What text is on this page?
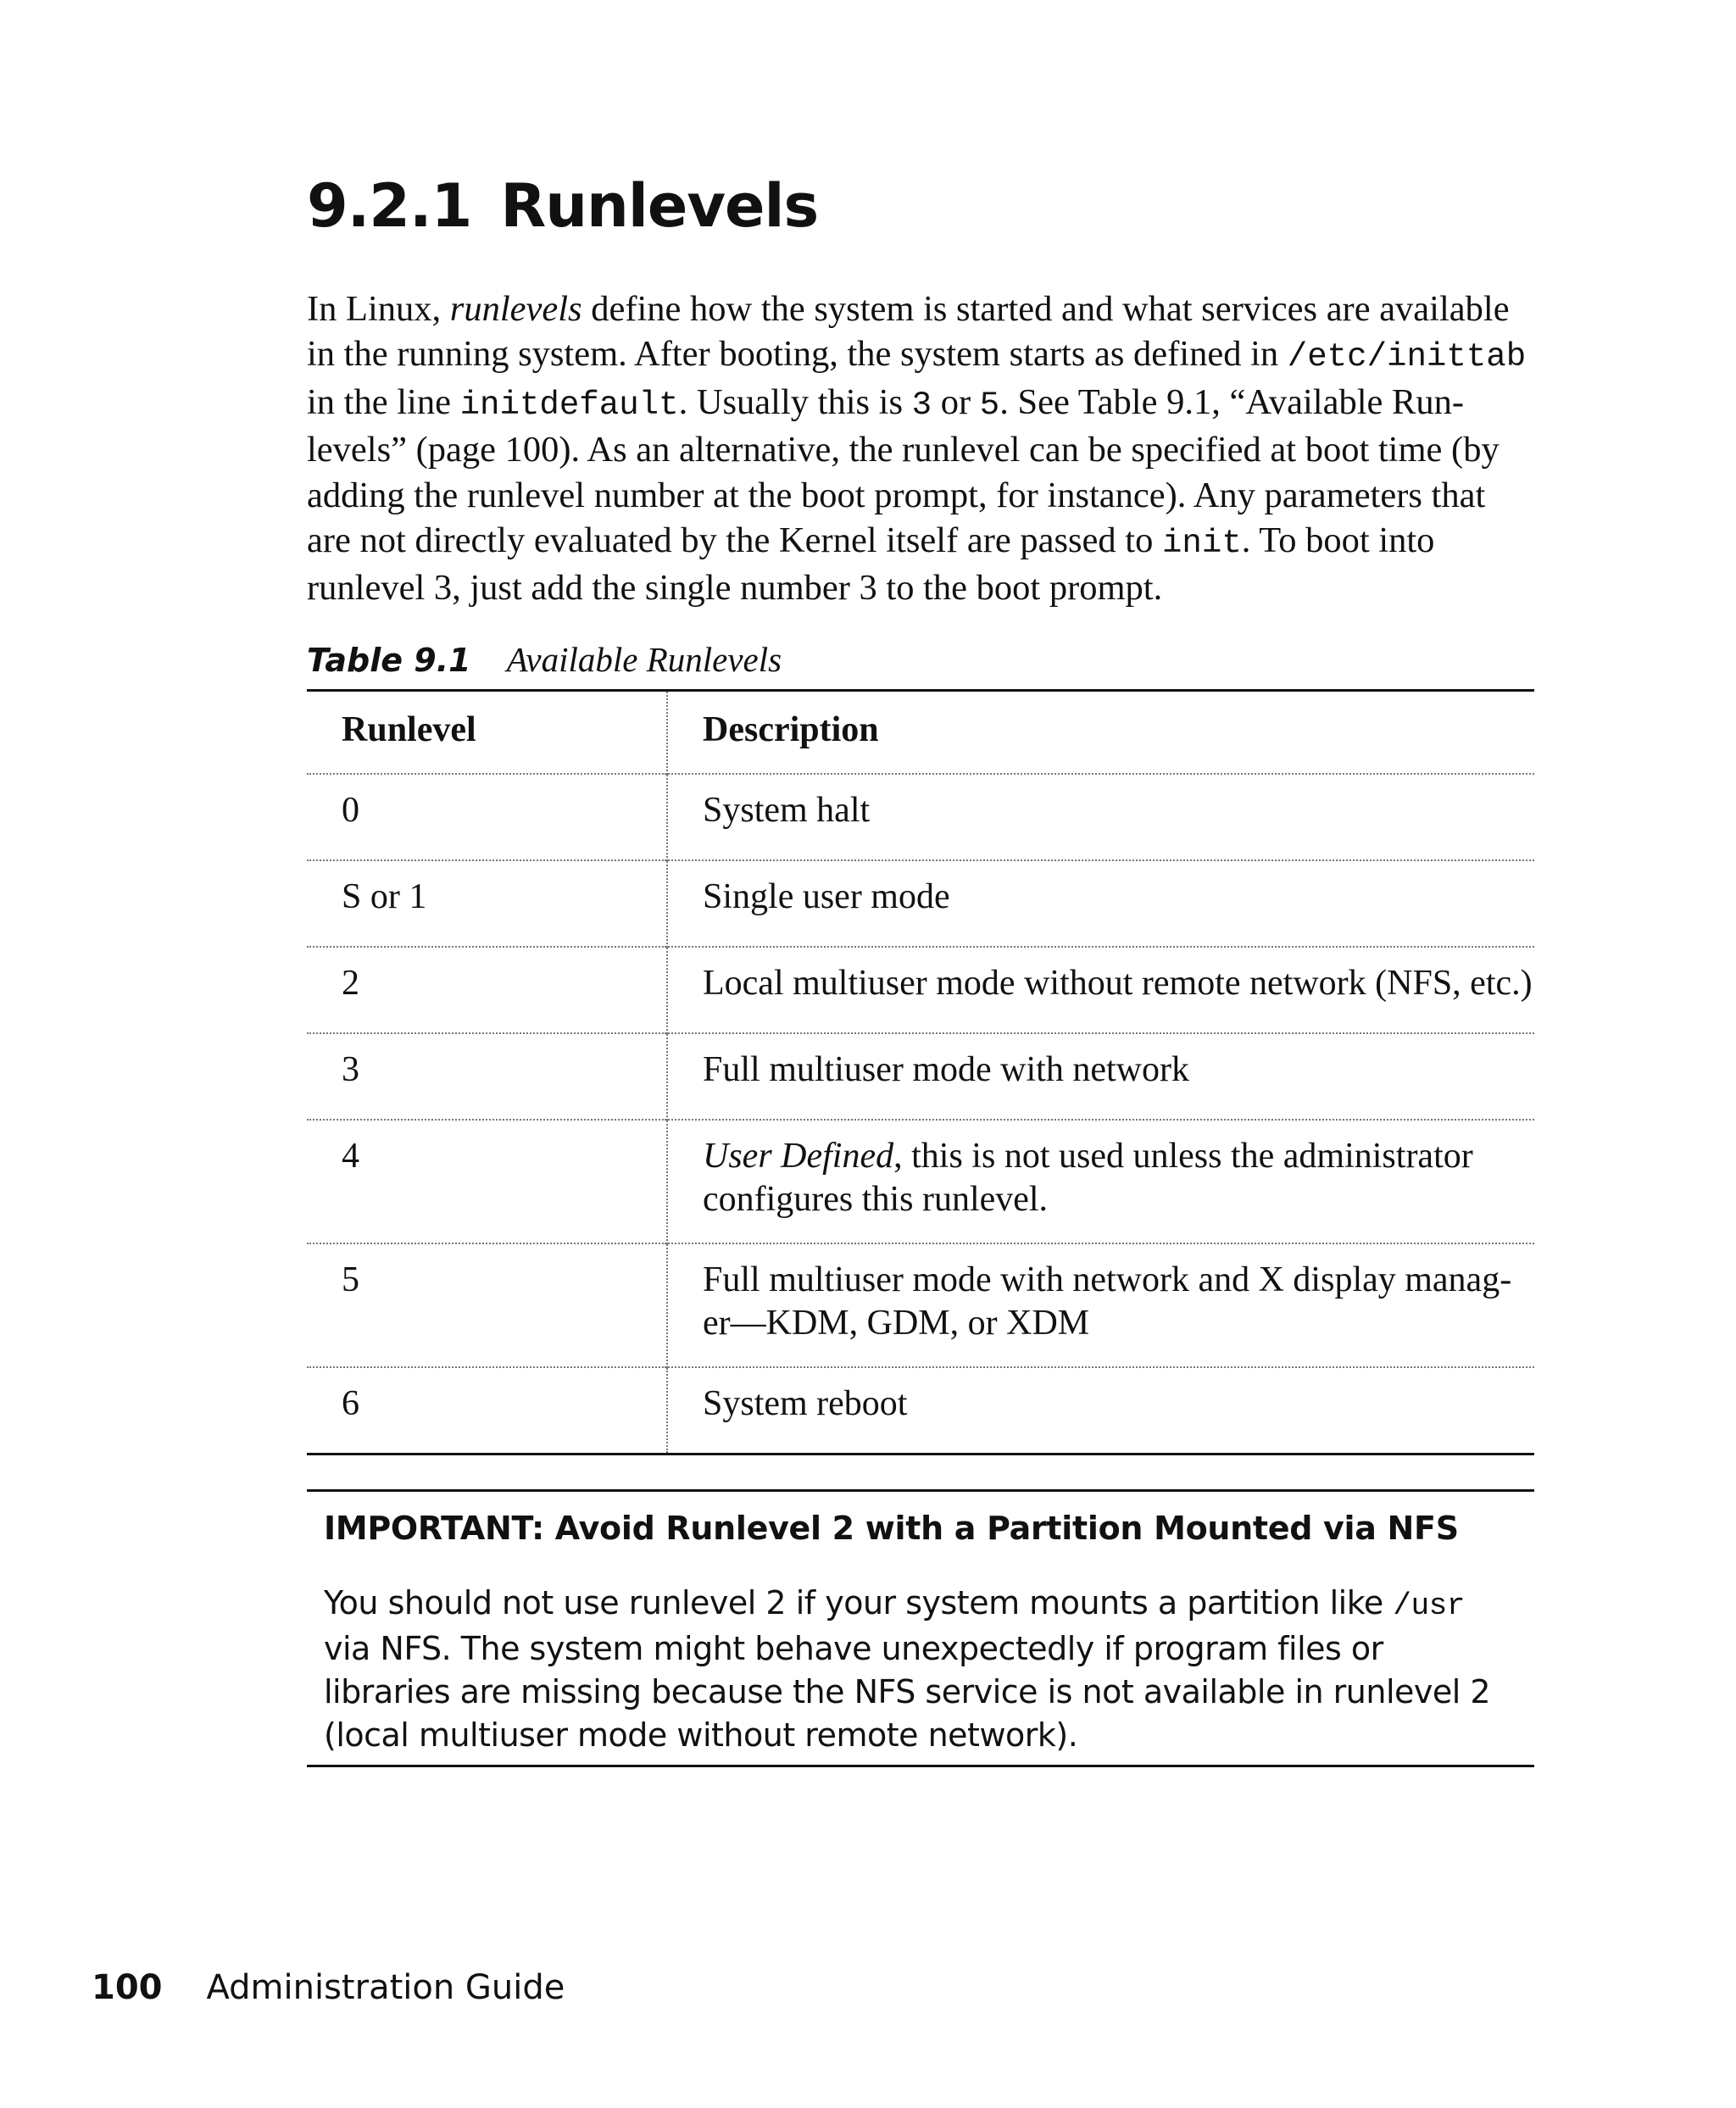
9.2.1 Runlevels

In Linux, runlevels define how the system is started and what services are available in the running system. After booting, the system starts as defined in /etc/inittab in the line initdefault. Usually this is 3 or 5. See Table 9.1, “Available Run-levels” (page 100). As an alternative, the runlevel can be specified at boot time (by adding the runlevel number at the boot prompt, for instance). Any parameters that are not directly evaluated by the Kernel itself are passed to init. To boot into runlevel 3, just add the single number 3 to the boot prompt.

Table 9.1 Available Runlevels
Runlevel	Description
0	System halt
S or 1	Single user mode
2	Local multiuser mode without remote network (NFS, etc.)
3	Full multiuser mode with network
4	User Defined, this is not used unless the administrator configures this runlevel.
5	Full multiuser mode with network and X display manag-er—KDM, GDM, or XDM
6	System reboot

IMPORTANT: Avoid Runlevel 2 with a Partition Mounted via NFS

You should not use runlevel 2 if your system mounts a partition like /usr via NFS. The system might behave unexpectedly if program files or libraries are missing because the NFS service is not available in runlevel 2 (local multiuser mode without remote network).

100 Administration Guide
